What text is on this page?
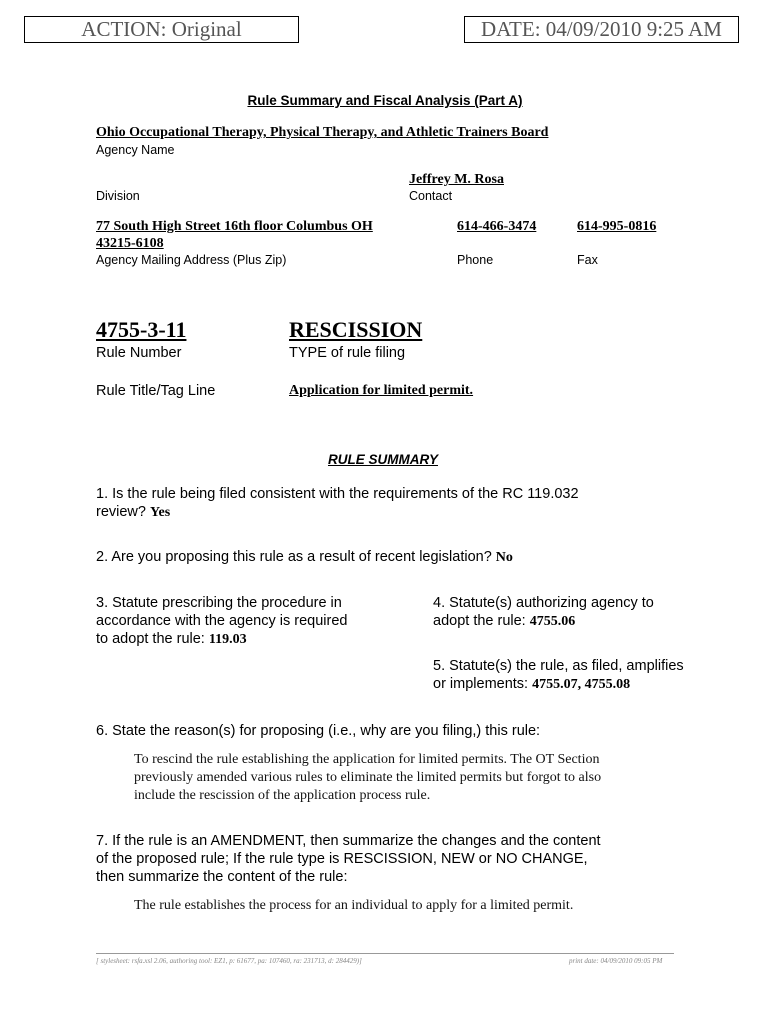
ACTION: Original	DATE: 04/09/2010 9:25 AM
Rule Summary and Fiscal Analysis (Part A)
Ohio Occupational Therapy, Physical Therapy, and Athletic Trainers Board
Agency Name
Jeffrey M. Rosa
Division	Contact
77 South High Street 16th floor Columbus OH
43215-6108
614-466-3474	614-995-0816
Agency Mailing Address (Plus Zip)	Phone	Fax
4755-3-11	RESCISSION
Rule Number	TYPE of rule filing
Rule Title/Tag Line	Application for limited permit.
RULE SUMMARY
1. Is the rule being filed consistent with the requirements of the RC 119.032
review? Yes
2. Are you proposing this rule as a result of recent legislation? No
3. Statute prescribing the procedure in
accordance with the agency is required
to adopt the rule: 119.03
4. Statute(s) authorizing agency to
adopt the rule: 4755.06
5. Statute(s) the rule, as filed, amplifies
or implements: 4755.07, 4755.08
6. State the reason(s) for proposing (i.e., why are you filing,) this rule:
To rescind the rule establishing the application for limited permits. The OT Section
previously amended various rules to eliminate the limited permits but forgot to also
include the rescission of the application process rule.
7. If the rule is an AMENDMENT, then summarize the changes and the content
of the proposed rule; If the rule type is RESCISSION, NEW or NO CHANGE,
then summarize the content of the rule:
The rule establishes the process for an individual to apply for a limited permit.
[ stylesheet: rsfa.xsl 2.06, authoring tool: EZ1, p: 61677, pa: 107460, ra: 231713, d: 284429)]	print date: 04/09/2010 09:05 PM
